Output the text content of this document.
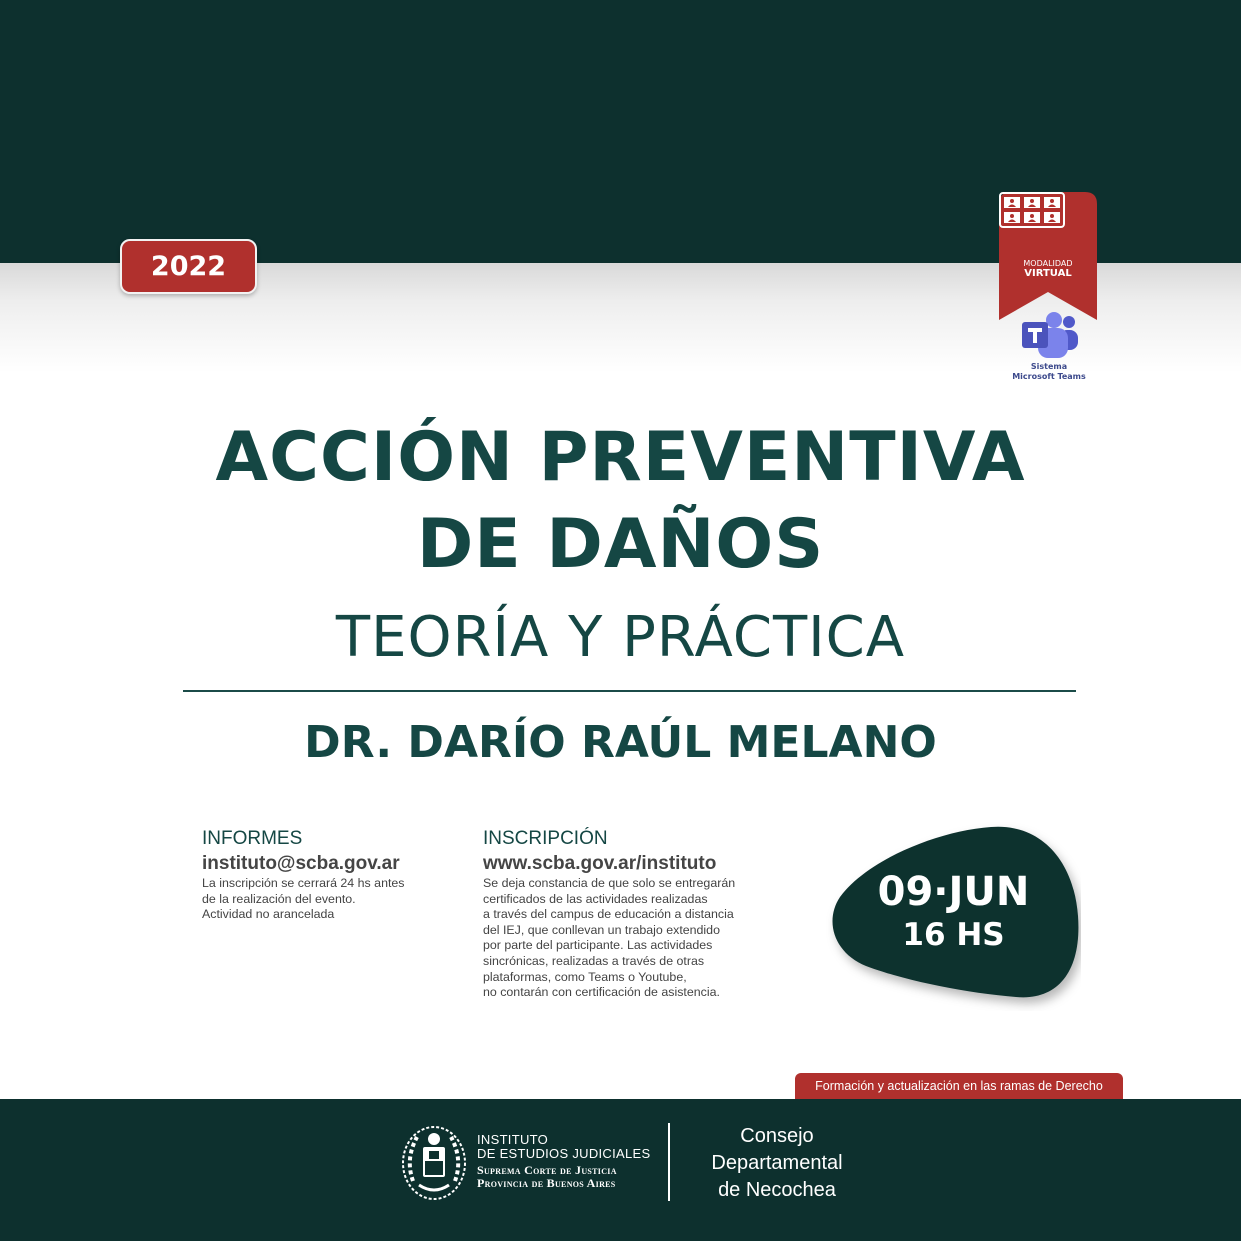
2022	MODALIDAD
VIRTUAL
Sistema
Microsoft Teams
ACCIÓN PREVENTIVA
DE DAÑOS
TEORÍA Y PRÁCTICA
DR. DARÍO RAÚL MELANO
INFORMES
instituto@scba.gov.ar
La inscripción se cerrará 24 hs antes
de la realización del evento.
Actividad no arancelada
INSCRIPCIÓN
www.scba.gov.ar/instituto
Se deja constancia de que solo se entregarán
certificados de las actividades realizadas
a través del campus de educación a distancia
del IEJ, que conllevan un trabajo extendido
por parte del participante. Las actividades
sincrónicas, realizadas a través de otras
plataformas, como Teams o Youtube,
no contarán con certificación de asistencia.
09·JUN
16 HS
Formación y actualización en las ramas de Derecho
INSTITUTO
DE ESTUDIOS JUDICIALES
Suprema Corte de Justicia
Provincia de Buenos Aires
Consejo
Departamental
de Necochea
